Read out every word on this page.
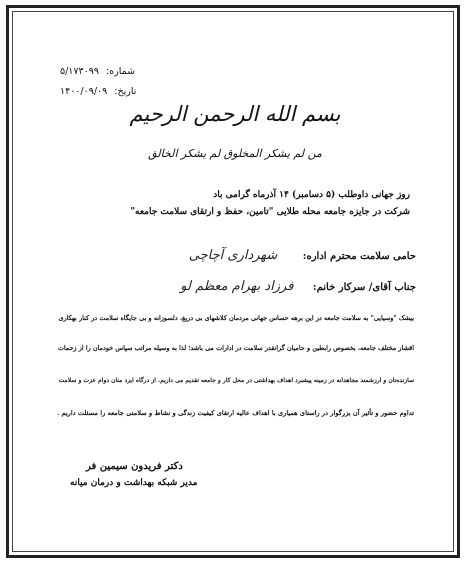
شماره: ۵/۱۷۳۰۹۹
تاریخ: ۱۴۰۰/۰۹/۰۹
بسم الله الرحمن الرحیم
من لم یشکر المخلوق لم یشکر الخالق
روز جهانی داوطلب (۵ دسامبر) ۱۴ آذرماه گرامی باد
شرکت در جایزه جامعه محله طلایی "تامین، حفظ و ارتقای سلامت جامعه"
حامی سلامت محترم اداره: شهرداری آچاچی
جناب آقای/ سرکار خانم: فرزاد بهرام معظم لو
بیشک "وسیایی" به سلامت جامعه در این برهه حساس جهانی مردمان کلاشهای بی دریغ، دلسوزانه و بی جایگاه سلامت در کنار بهکاری
اقشار مختلف جامعه، بخصوص رابطین و حامیان گرانقدر سلامت در ادارات می باشد؛ لذا به وسیله مراتب سپاس خودمان را از زحمات
سازنده‌تان و ارزشمند مجاهدانه در زمینه پیشبرد اهداف بهداشتی در محل کار و جامعه تقدیم می داریم. از درگاه ایزد منان دوام عزت و سلامت
تداوم حضور و تأثیر آن بزرگوار در راستای همیاری با اهداف عالیه ارتقای کیفیت زندگی و نشاط و سلامتی جامعه را مسئلت داریم .
دکتر فریدون سیمین فر
مدیر شبکه بهداشت و درمان میانه
